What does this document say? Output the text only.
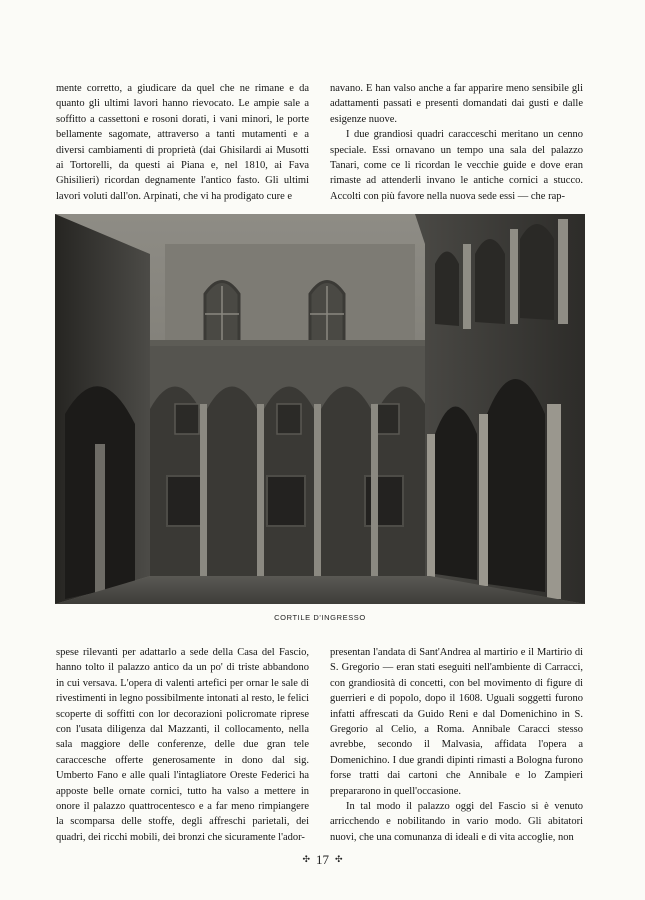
mente corretto, a giudicare da quel che ne rimane e da quanto gli ultimi lavori hanno rievocato. Le ampie sale a soffitto a cassettoni e rosoni dorati, i vani minori, le porte bellamente sagomate, attraverso a tanti mutamenti e a diversi cambiamenti di proprietà (dai Ghisilardi ai Musotti ai Tortorelli, da questi ai Piana e, nel 1810, ai Fava Ghisilieri) ricordan degnamente l'antico fasto. Gli ultimi lavori voluti dall'on. Arpinati, che vi ha prodigato cure e

navano. E han valso anche a far apparire meno sensibile gli adattamenti passati e presenti domandati dai gusti e dalle esigenze nuove.

I due grandiosi quadri caracceschi meritano un cenno speciale. Essi ornavano un tempo una sala del palazzo Tanari, come ce li ricordan le vecchie guide e dove eran rimaste ad attenderli invano le antiche cornici a stucco. Accolti con più favore nella nuova sede essi — che rap-

CORTILE D'INGRESSO

spese rilevanti per adattarlo a sede della Casa del Fascio, hanno tolto il palazzo antico da un po' di triste abbandono in cui versava. L'opera di valenti artefici per ornar le sale di rivestimenti in legno possibilmente intonati al resto, le felici scoperte di soffitti con lor decorazioni policromate riprese con l'usata diligenza dal Mazzanti, il collocamento, nella sala maggiore delle conferenze, delle due gran tele caraccesche offerte generosamente in dono dal sig. Umberto Fano e alle quali l'intagliatore Oreste Federici ha apposte belle ornate cornici, tutto ha valso a mettere in onore il palazzo quattrocentesco e a far meno rimpiangere la scomparsa delle stoffe, degli affreschi parietali, dei quadri, dei ricchi mobili, dei bronzi che sicuramente l'ador-

presentan l'andata di Sant'Andrea al martirio e il Martirio di S. Gregorio — eran stati eseguiti nell'ambiente di Carracci, con grandiosità di concetti, con bel movimento di figure di guerrieri e di popolo, dopo il 1608. Uguali soggetti furono infatti affrescati da Guido Reni e dal Domenichino in S. Gregorio al Celio, a Roma. Annibale Caracci stesso avrebbe, secondo il Malvasia, affidata l'opera a Domenichino. I due grandi dipinti rimasti a Bologna furono forse tratti dai cartoni che Annibale e lo Zampieri prepararono in quell'occasione.

In tal modo il palazzo oggi del Fascio si è venuto arricchendo e nobilitando in vario modo. Gli abitatori nuovi, che una comunanza di ideali e di vita accoglie, non

✣ 17 ✣
